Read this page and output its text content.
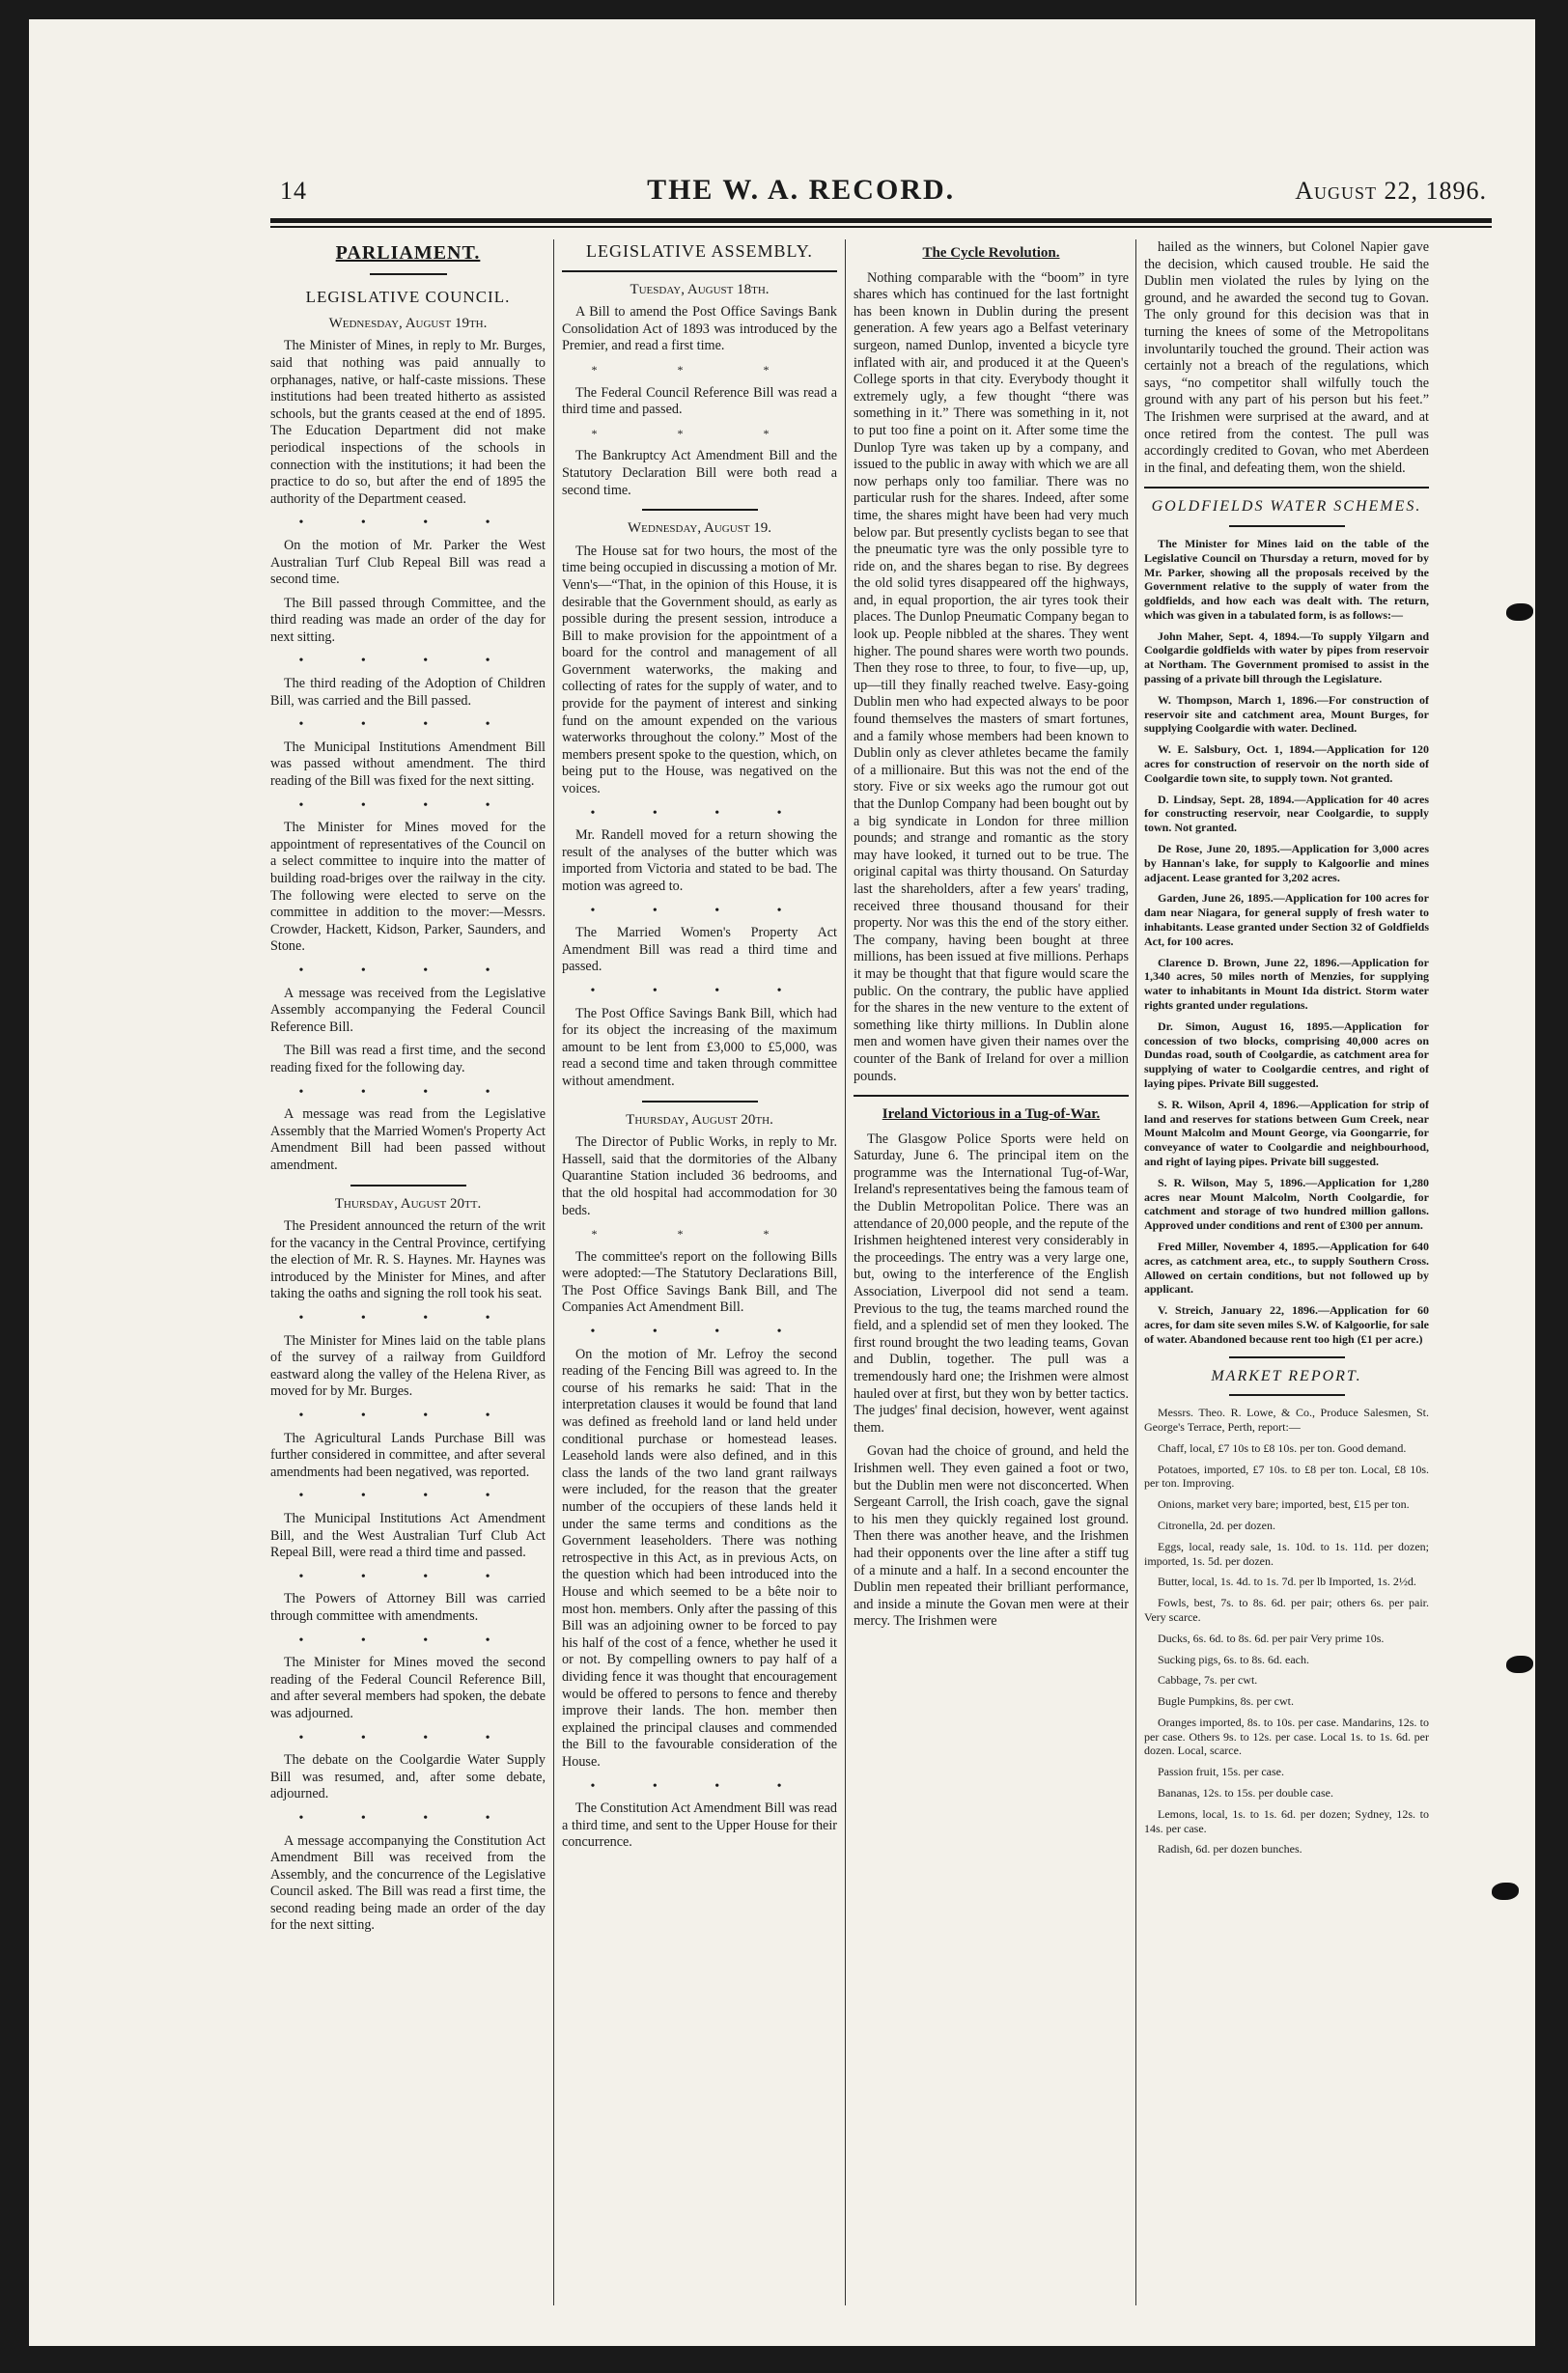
14	THE W. A. RECORD.	August 22, 1896.
PARLIAMENT.
LEGISLATIVE COUNCIL.
Wednesday, August 19th.

The Minister of Mines, in reply to Mr. Burges, said that nothing was paid annually to orphanages, native, or half-caste missions. These institutions had been treated hitherto as assisted schools, but the grants ceased at the end of 1895. The Education Department did not make periodical inspections of the schools in connection with the institutions; it had been the practice to do so, but after the end of 1895 the authority of the Department ceased.

• • • •

On the motion of Mr. Parker the West Australian Turf Club Repeal Bill was read a second time.

The Bill passed through Committee, and the third reading was made an order of the day for next sitting.

• • • •

The third reading of the Adoption of Children Bill, was carried and the Bill passed.

• • • •

The Municipal Institutions Amendment Bill was passed without amendment. The third reading of the Bill was fixed for the next sitting.

• • • •

The Minister for Mines moved for the appointment of representatives of the Council on a select committee to inquire into the matter of building road-briges over the railway in the city. The following were elected to serve on the committee in addition to the mover:—Messrs. Crowder, Hackett, Kidson, Parker, Saunders, and Stone.

• • • •

A message was received from the Legislative Assembly accompanying the Federal Council Reference Bill.

The Bill was read a first time, and the second reading fixed for the following day.

• • • •

A message was read from the Legislative Assembly that the Married Women's Property Act Amendment Bill had been passed without amendment.

Thursday, August 20tt.

The President announced the return of the writ for the vacancy in the Central Province, certifying the election of Mr. R. S. Haynes. Mr. Haynes was introduced by the Minister for Mines, and after taking the oaths and signing the roll took his seat.

• • • •

The Minister for Mines laid on the table plans of the survey of a railway from Guildford eastward along the valley of the Helena River, as moved for by Mr. Burges.

• • • •

The Agricultural Lands Purchase Bill was further considered in committee, and after several amendments had been negatived, was reported.

• • • •

The Municipal Institutions Act Amendment Bill, and the West Australian Turf Club Act Repeal Bill, were read a third time and passed.

• • • •

The Powers of Attorney Bill was carried through committee with amendments.

• • • •

The Minister for Mines moved the second reading of the Federal Council Reference Bill, and after several members had spoken, the debate was adjourned.

• • • •

The debate on the Coolgardie Water Supply Bill was resumed, and, after some debate, adjourned.

• • • •

A message accompanying the Constitution Act Amendment Bill was received from the Assembly, and the concurrence of the Legislative Council asked. The Bill was read a first time, the second reading being made an order of the day for the next sitting.

LEGISLATIVE ASSEMBLY.
Tuesday, August 18th.

A Bill to amend the Post Office Savings Bank Consolidation Act of 1893 was introduced by the Premier, and read a first time.

* * *

The Federal Council Reference Bill was read a third time and passed.

* * *

The Bankruptcy Act Amendment Bill and the Statutory Declaration Bill were both read a second time.

Wednesday, August 19.

The House sat for two hours, the most of the time being occupied in discussing a motion of Mr. Venn's—“That, in the opinion of this House, it is desirable that the Government should, as early as possible during the present session, introduce a Bill to make provision for the appointment of a board for the control and management of all Government waterworks, the making and collecting of rates for the supply of water, and to provide for the payment of interest and sinking fund on the amount expended on the various waterworks throughout the colony.” Most of the members present spoke to the question, which, on being put to the House, was negatived on the voices.

• • • •

Mr. Randell moved for a return showing the result of the analyses of the butter which was imported from Victoria and stated to be bad. The motion was agreed to.

• • • •

The Married Women's Property Act Amendment Bill was read a third time and passed.

• • • •

The Post Office Savings Bank Bill, which had for its object the increasing of the maximum amount to be lent from £3,000 to £5,000, was read a second time and taken through committee without amendment.

Thursday, August 20th.

The Director of Public Works, in reply to Mr. Hassell, said that the dormitories of the Albany Quarantine Station included 36 bedrooms, and that the old hospital had accommodation for 30 beds.

* * *

The committee's report on the following Bills were adopted:—The Statutory Declarations Bill, The Post Office Savings Bank Bill, and The Companies Act Amendment Bill.

• • • •

On the motion of Mr. Lefroy the second reading of the Fencing Bill was agreed to. In the course of his remarks he said: That in the interpretation clauses it would be found that land was defined as freehold land or land held under conditional purchase or homestead leases. Leasehold lands were also defined, and in this class the lands of the two land grant railways were included, for the reason that the greater number of the occupiers of these lands held it under the same terms and conditions as the Government leaseholders. There was nothing retrospective in this Act, as in previous Acts, on the question which had been introduced into the House and which seemed to be a bête noir to most hon. members. Only after the passing of this Bill was an adjoining owner to be forced to pay his half of the cost of a fence, whether he used it or not. By compelling owners to pay half of a dividing fence it was thought that encouragement would be offered to persons to fence and thereby improve their lands. The hon. member then explained the principal clauses and commended the Bill to the favourable consideration of the House.

• • • •

The Constitution Act Amendment Bill was read a third time, and sent to the Upper House for their concurrence.

The Cycle Revolution.

Nothing comparable with the “boom” in tyre shares which has continued for the last fortnight has been known in Dublin during the present generation. A few years ago a Belfast veterinary surgeon, named Dunlop, invented a bicycle tyre inflated with air, and produced it at the Queen's College sports in that city. Everybody thought it extremely ugly, a few thought “there was something in it.” There was something in it, not to put too fine a point on it. After some time the Dunlop Tyre was taken up by a company, and issued to the public in away with which we are all now perhaps only too familiar. There was no particular rush for the shares. Indeed, after some time, the shares might have been had very much below par. But presently cyclists began to see that the pneumatic tyre was the only possible tyre to ride on, and the shares began to rise. By degrees the old solid tyres disappeared off the highways, and, in equal proportion, the air tyres took their places. The Dunlop Pneumatic Company began to look up. People nibbled at the shares. They went higher. The pound shares were worth two pounds. Then they rose to three, to four, to five—up, up, up—till they finally reached twelve. Easy-going Dublin men who had expected always to be poor found themselves the masters of smart fortunes, and a family whose members had been known to Dublin only as clever athletes became the family of a millionaire. But this was not the end of the story. Five or six weeks ago the rumour got out that the Dunlop Company had been bought out by a big syndicate in London for three million pounds; and strange and romantic as the story may have looked, it turned out to be true. The original capital was thirty thousand. On Saturday last the shareholders, after a few years' trading, received three thousand thousand for their property. Nor was this the end of the story either. The company, having been bought at three millions, has been issued at five millions. Perhaps it may be thought that that figure would scare the public. On the contrary, the public have applied for the shares in the new venture to the extent of something like thirty millions. In Dublin alone men and women have given their names over the counter of the Bank of Ireland for over a million pounds.

Ireland Victorious in a Tug-of-War.

The Glasgow Police Sports were held on Saturday, June 6. The principal item on the programme was the International Tug-of-War, Ireland's representatives being the famous team of the Dublin Metropolitan Police. There was an attendance of 20,000 people, and the repute of the Irishmen heightened interest very considerably in the proceedings. The entry was a very large one, but, owing to the interference of the English Association, Liverpool did not send a team. Previous to the tug, the teams marched round the field, and a splendid set of men they looked. The first round brought the two leading teams, Govan and Dublin, together. The pull was a tremendously hard one; the Irishmen were almost hauled over at first, but they won by better tactics. The judges' final decision, however, went against them.

Govan had the choice of ground, and held the Irishmen well. They even gained a foot or two, but the Dublin men were not disconcerted. When Sergeant Carroll, the Irish coach, gave the signal to his men they quickly regained lost ground. Then there was another heave, and the Irishmen had their opponents over the line after a stiff tug of a minute and a half. In a second encounter the Dublin men repeated their brilliant performance, and inside a minute the Govan men were at their mercy. The Irishmen were

hailed as the winners, but Colonel Napier gave the decision, which caused trouble. He said the Dublin men violated the rules by lying on the ground, and he awarded the second tug to Govan. The only ground for this decision was that in turning the knees of some of the Metropolitans involuntarily touched the ground. Their action was certainly not a breach of the regulations, which says, “no competitor shall wilfully touch the ground with any part of his person but his feet.” The Irishmen were surprised at the award, and at once retired from the contest. The pull was accordingly credited to Govan, who met Aberdeen in the final, and defeating them, won the shield.

GOLDFIELDS WATER SCHEMES.

The Minister for Mines laid on the table of the Legislative Council on Thursday a return, moved for by Mr. Parker, showing all the proposals received by the Government relative to the supply of water from the goldfields, and how each was dealt with. The return, which was given in a tabulated form, is as follows:—

John Maher, Sept. 4, 1894.—To supply Yilgarn and Coolgardie goldfields with water by pipes from reservoir at Northam. The Government promised to assist in the passing of a private bill through the Legislature.

W. Thompson, March 1, 1896.—For construction of reservoir site and catchment area, Mount Burges, for supplying Coolgardie with water. Declined.

W. E. Salsbury, Oct. 1, 1894.—Application for 120 acres for construction of reservoir on the north side of Coolgardie town site, to supply town. Not granted.

D. Lindsay, Sept. 28, 1894.—Application for 40 acres for constructing reservoir, near Coolgardie, to supply town. Not granted.

De Rose, June 20, 1895.—Application for 3,000 acres by Hannan's lake, for supply to Kalgoorlie and mines adjacent. Lease granted for 3,202 acres.

Garden, June 26, 1895.—Application for 100 acres for dam near Niagara, for general supply of fresh water to inhabitants. Lease granted under Section 32 of Goldfields Act, for 100 acres.

Clarence D. Brown, June 22, 1896.—Application for 1,340 acres, 50 miles north of Menzies, for supplying water to inhabitants in Mount Ida district. Storm water rights granted under regulations.

Dr. Simon, August 16, 1895.—Application for concession of two blocks, comprising 40,000 acres on Dundas road, south of Coolgardie, as catchment area for supplying of water to Coolgardie centres, and right of laying pipes. Private Bill suggested.

S. R. Wilson, April 4, 1896.—Application for strip of land and reserves for stations between Gum Creek, near Mount Malcolm and Mount George, via Goongarrie, for conveyance of water to Coolgardie and neighbourhood, and right of laying pipes. Private bill suggested.

S. R. Wilson, May 5, 1896.—Application for 1,280 acres near Mount Malcolm, North Coolgardie, for catchment and storage of two hundred million gallons. Approved under conditions and rent of £300 per annum.

Fred Miller, November 4, 1895.—Application for 640 acres, as catchment area, etc., to supply Southern Cross. Allowed on certain conditions, but not followed up by applicant.

V. Streich, January 22, 1896.—Application for 60 acres, for dam site seven miles S.W. of Kalgoorlie, for sale of water. Abandoned because rent too high (£1 per acre.)

MARKET REPORT.

Messrs. Theo. R. Lowe, & Co., Produce Salesmen, St. George's Terrace, Perth, report:—

Chaff, local, £7 10s to £8 10s. per ton. Good demand.

Potatoes, imported, £7 10s. to £8 per ton. Local, £8 10s. per ton. Improving.

Onions, market very bare; imported, best, £15 per ton.

Citronella, 2d. per dozen.

Eggs, local, ready sale, 1s. 10d. to 1s. 11d. per dozen; imported, 1s. 5d. per dozen.

Butter, local, 1s. 4d. to 1s. 7d. per lb Imported, 1s. 2½d.

Fowls, best, 7s. to 8s. 6d. per pair; others 6s. per pair. Very scarce.

Ducks, 6s. 6d. to 8s. 6d. per pair Very prime 10s.

Sucking pigs, 6s. to 8s. 6d. each.

Cabbage, 7s. per cwt.

Bugle Pumpkins, 8s. per cwt.

Oranges imported, 8s. to 10s. per case. Mandarins, 12s. to per case. Others 9s. to 12s. per case. Local 1s. to 1s. 6d. per dozen. Local, scarce.

Passion fruit, 15s. per case.

Bananas, 12s. to 15s. per double case.

Lemons, local, 1s. to 1s. 6d. per dozen; Sydney, 12s. to 14s. per case.

Radish, 6d. per dozen bunches.
